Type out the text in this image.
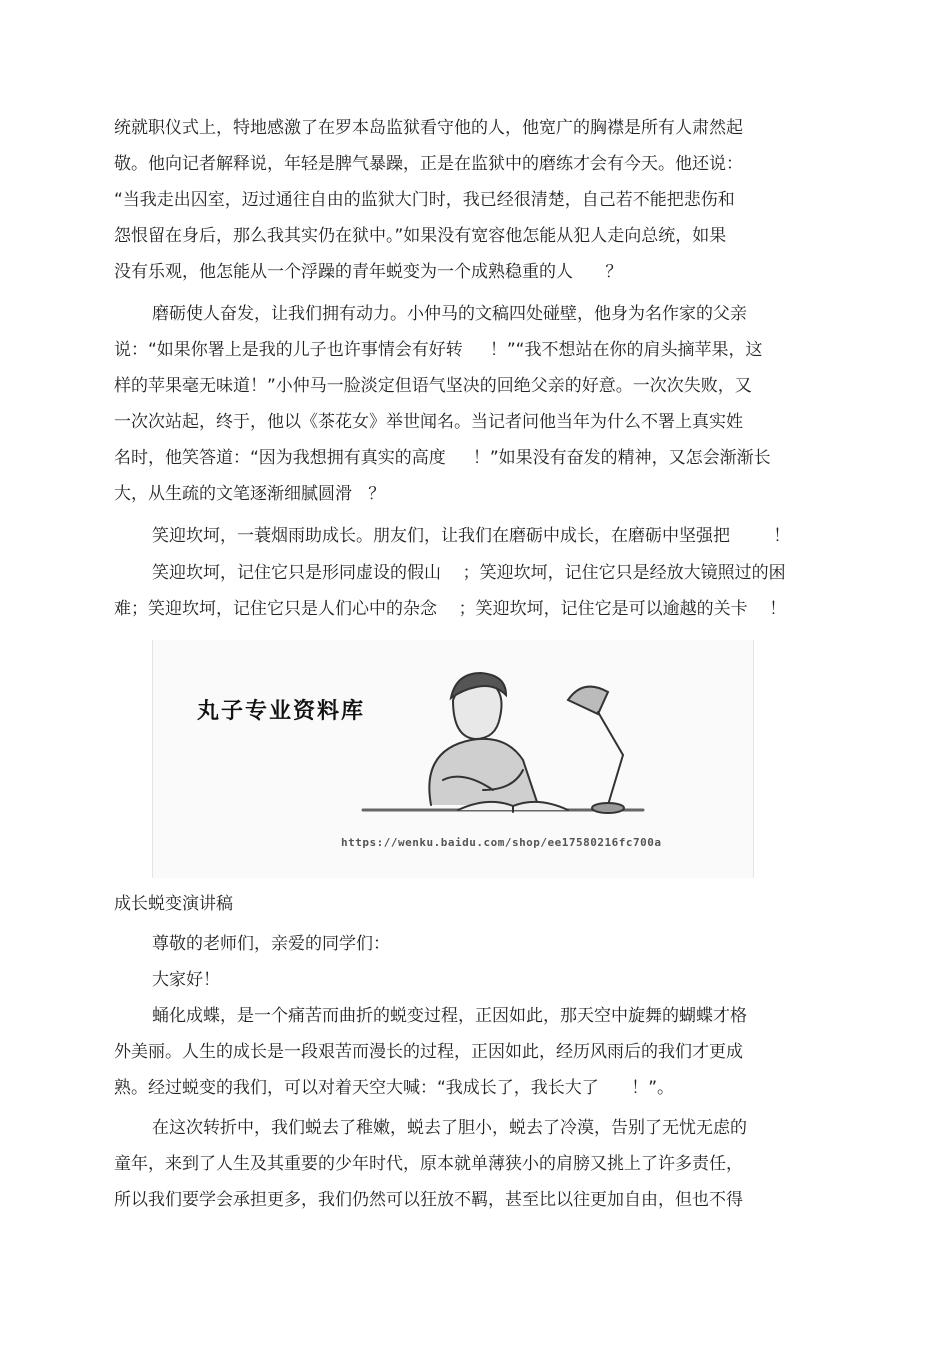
统就职仪式上，特地感激了在罗本岛监狱看守他的人，他宽广的胸襟是所有人肃然起
敬。他向记者解释说，年轻是脾气暴躁，正是在监狱中的磨练才会有今天。他还说：
“当我走出囚室，迈过通往自由的监狱大门时，我已经很清楚，自己若不能把悲伤和
怨恨留在身后，那么我其实仍在狱中。”如果没有宽容他怎能从犯人走向总统，如果
没有乐观，他怎能从一个浮躁的青年蜕变为一个成熟稳重的人      ？
磨砺使人奋发，让我们拥有动力。小仲马的文稿四处碰壁，他身为名作家的父亲
说：“如果你署上是我的儿子也许事情会有好转     ！”“我不想站在你的肩头摘苹果，这
样的苹果毫无味道！”小仲马一脸淡定但语气坚决的回绝父亲的好意。一次次失败，又
一次次站起，终于，他以《茶花女》举世闻名。当记者问他当年为什么不署上真实姓
名时，他笑答道：“因为我想拥有真实的高度     ！”如果没有奋发的精神，又怎会渐渐长
大，从生疏的文笔逐渐细腻圆滑   ？
笑迎坎坷，一蓑烟雨助成长。朋友们，让我们在磨砺中成长，在磨砺中坚强把        ！
笑迎坎坷，记住它只是形同虚设的假山    ；笑迎坎坷，记住它只是经放大镜照过的困
难；笑迎坎坷，记住它只是人们心中的杂念    ；笑迎坎坷，记住它是可以逾越的关卡    ！
丸子专业资料库
https://wenku.baidu.com/shop/ee17580216fc700a
成长蜕变演讲稿
尊敬的老师们，亲爱的同学们：
大家好！
蛹化成蝶，是一个痛苦而曲折的蜕变过程，正因如此，那天空中旋舞的蝴蝶才格
外美丽。人生的成长是一段艰苦而漫长的过程，正因如此，经历风雨后的我们才更成
熟。经过蜕变的我们，可以对着天空大喊：“我成长了，我长大了      ！”。
在这次转折中，我们蜕去了稚嫩，蜕去了胆小，蜕去了冷漠，告别了无忧无虑的
童年，来到了人生及其重要的少年时代，原本就单薄狭小的肩膀又挑上了许多责任，
所以我们要学会承担更多，我们仍然可以狂放不羁，甚至比以往更加自由，但也不得
